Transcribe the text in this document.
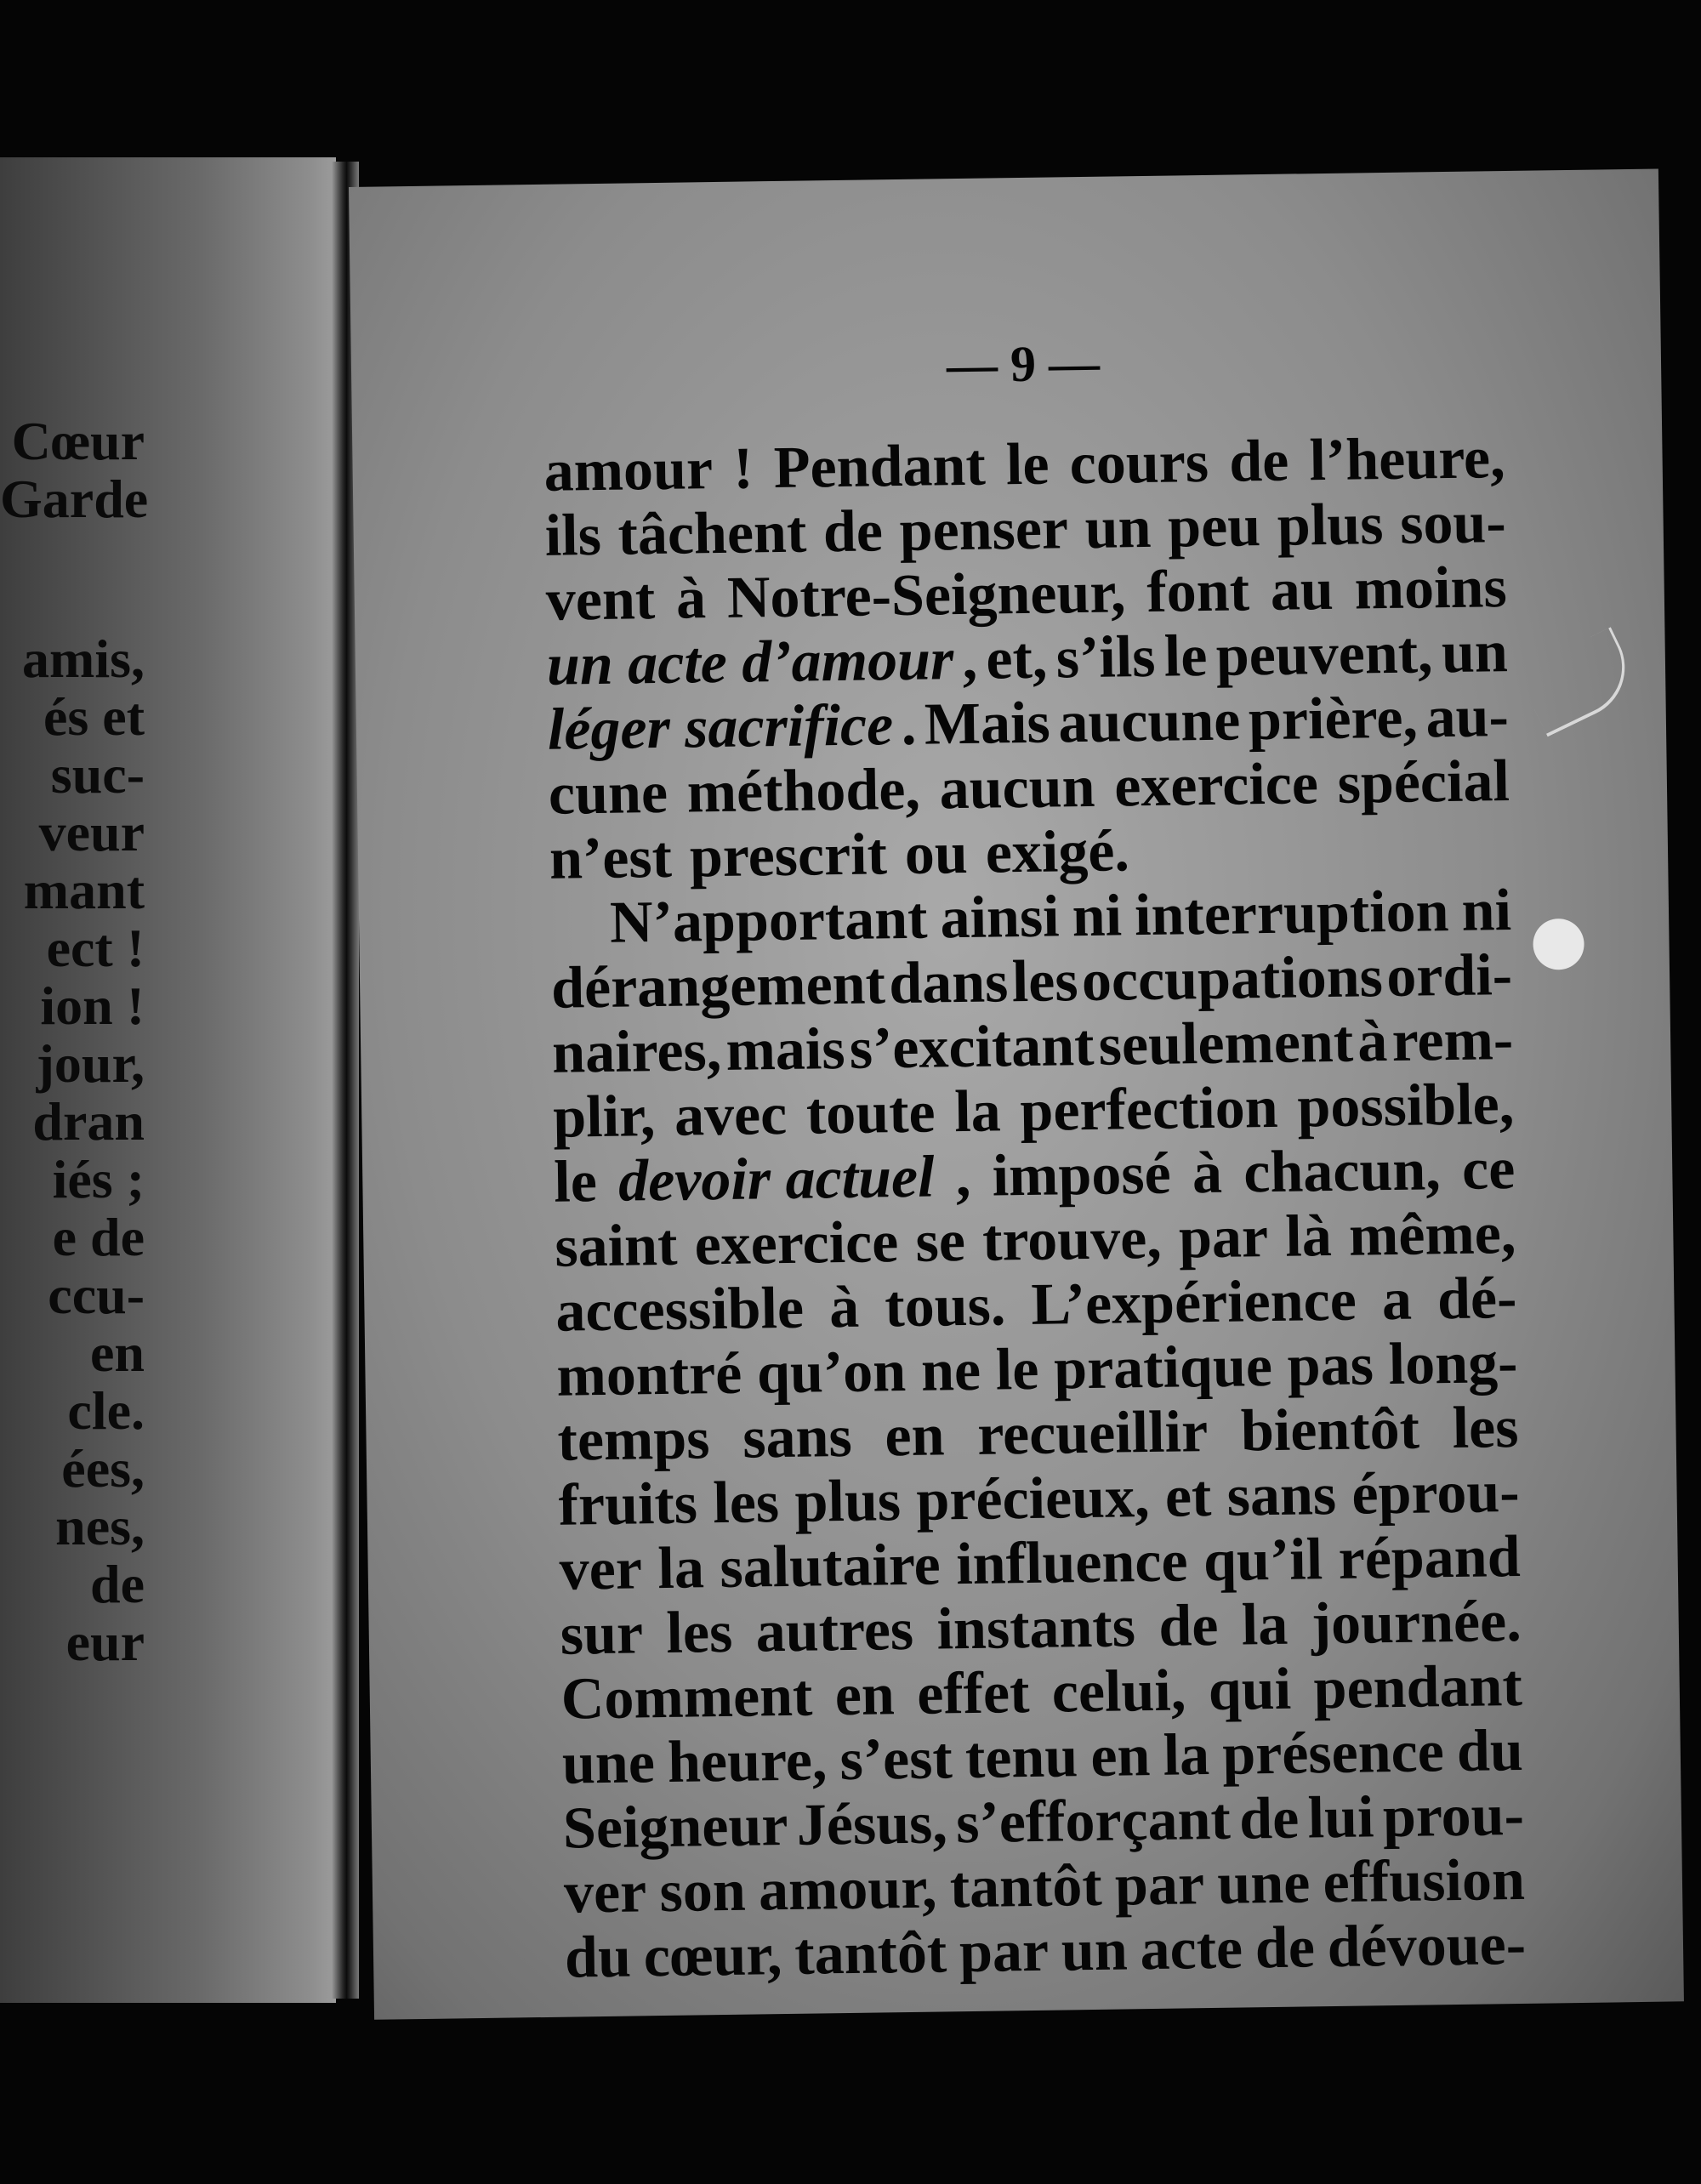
Cœur
Garde
amis,
és et
suc-
veur
mant
ect !
ion !
jour,
dran
iés ;
e de
ccu-
en
cle.
ées,
nes,
de
eur
— 9 —
amour ! Pendant le cours de l’heure,
ils tâchent de penser un peu plus sou-
vent à Notre-Seigneur, font au moins
un acte d’amour , et, s’ils le peuvent, un
léger sacrifice . Mais aucune prière, au-
cune méthode, aucun exercice spécial
n’est prescrit ou exigé.
N’apportant ainsi ni interruption ni
dérangement dans les occupations ordi-
naires, mais s’excitant seulement à rem-
plir, avec toute la perfection possible,
le devoir actuel , imposé à chacun, ce
saint exercice se trouve, par là même,
accessible à tous. L’expérience a dé-
montré qu’on ne le pratique pas long-
temps sans en recueillir bientôt les
fruits les plus précieux, et sans éprou-
ver la salutaire influence qu’il répand
sur les autres instants de la journée.
Comment en effet celui, qui pendant
une heure, s’est tenu en la présence du
Seigneur Jésus, s’efforçant de lui prou-
ver son amour, tantôt par une effusion
du cœur, tantôt par un acte de dévoue-
